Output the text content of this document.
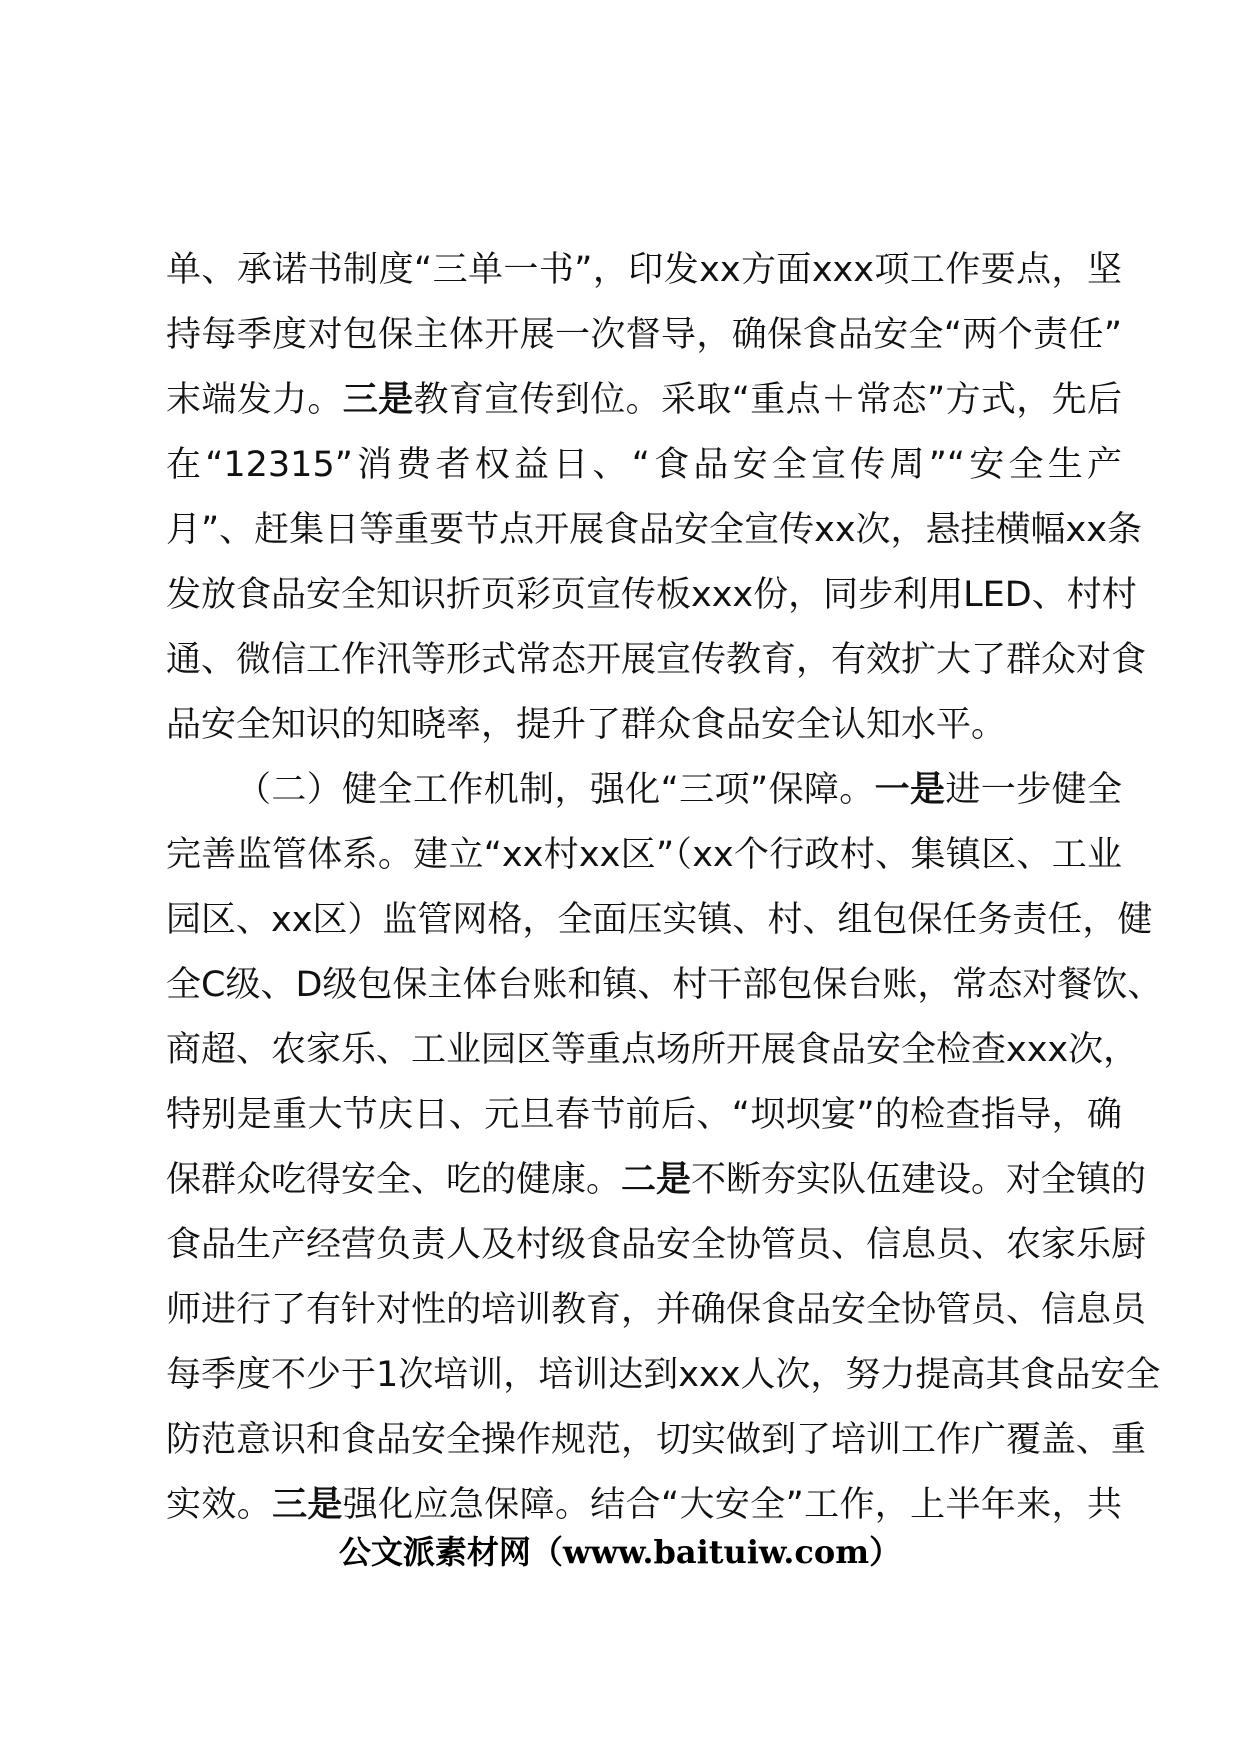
单、承诺书制度“三单一书”，印发xx方面xxx项工作要点，坚
持每季度对包保主体开展一次督导，确保食品安全“两个责任”
末端发力。三是教育宣传到位。采取“重点＋常态”方式，先后
在“12315”消费者权益日、“食品安全宣传周”“安全生产
月”、赶集日等重要节点开展食品安全宣传xx次，悬挂横幅xx条
发放食品安全知识折页彩页宣传板xxx份，同步利用LED、村村
通、微信工作汛等形式常态开展宣传教育，有效扩大了群众对食
品安全知识的知晓率，提升了群众食品安全认知水平。
（二）健全工作机制，强化“三项”保障。一是进一步健全
完善监管体系。建立“xx村xx区”（xx个行政村、集镇区、工业
园区、xx区）监管网格，全面压实镇、村、组包保任务责任，健
全C级、D级包保主体台账和镇、村干部包保台账，常态对餐饮、
商超、农家乐、工业园区等重点场所开展食品安全检查xxx次，
特别是重大节庆日、元旦春节前后、“坝坝宴”的检查指导，确
保群众吃得安全、吃的健康。二是不断夯实队伍建设。对全镇的
食品生产经营负责人及村级食品安全协管员、信息员、农家乐厨
师进行了有针对性的培训教育，并确保食品安全协管员、信息员
每季度不少于1次培训，培训达到xxx人次，努力提高其食品安全
防范意识和食品安全操作规范，切实做到了培训工作广覆盖、重
实效。三是强化应急保障。结合“大安全”工作，上半年来，共
公文派素材网（www.baituiw.com）
